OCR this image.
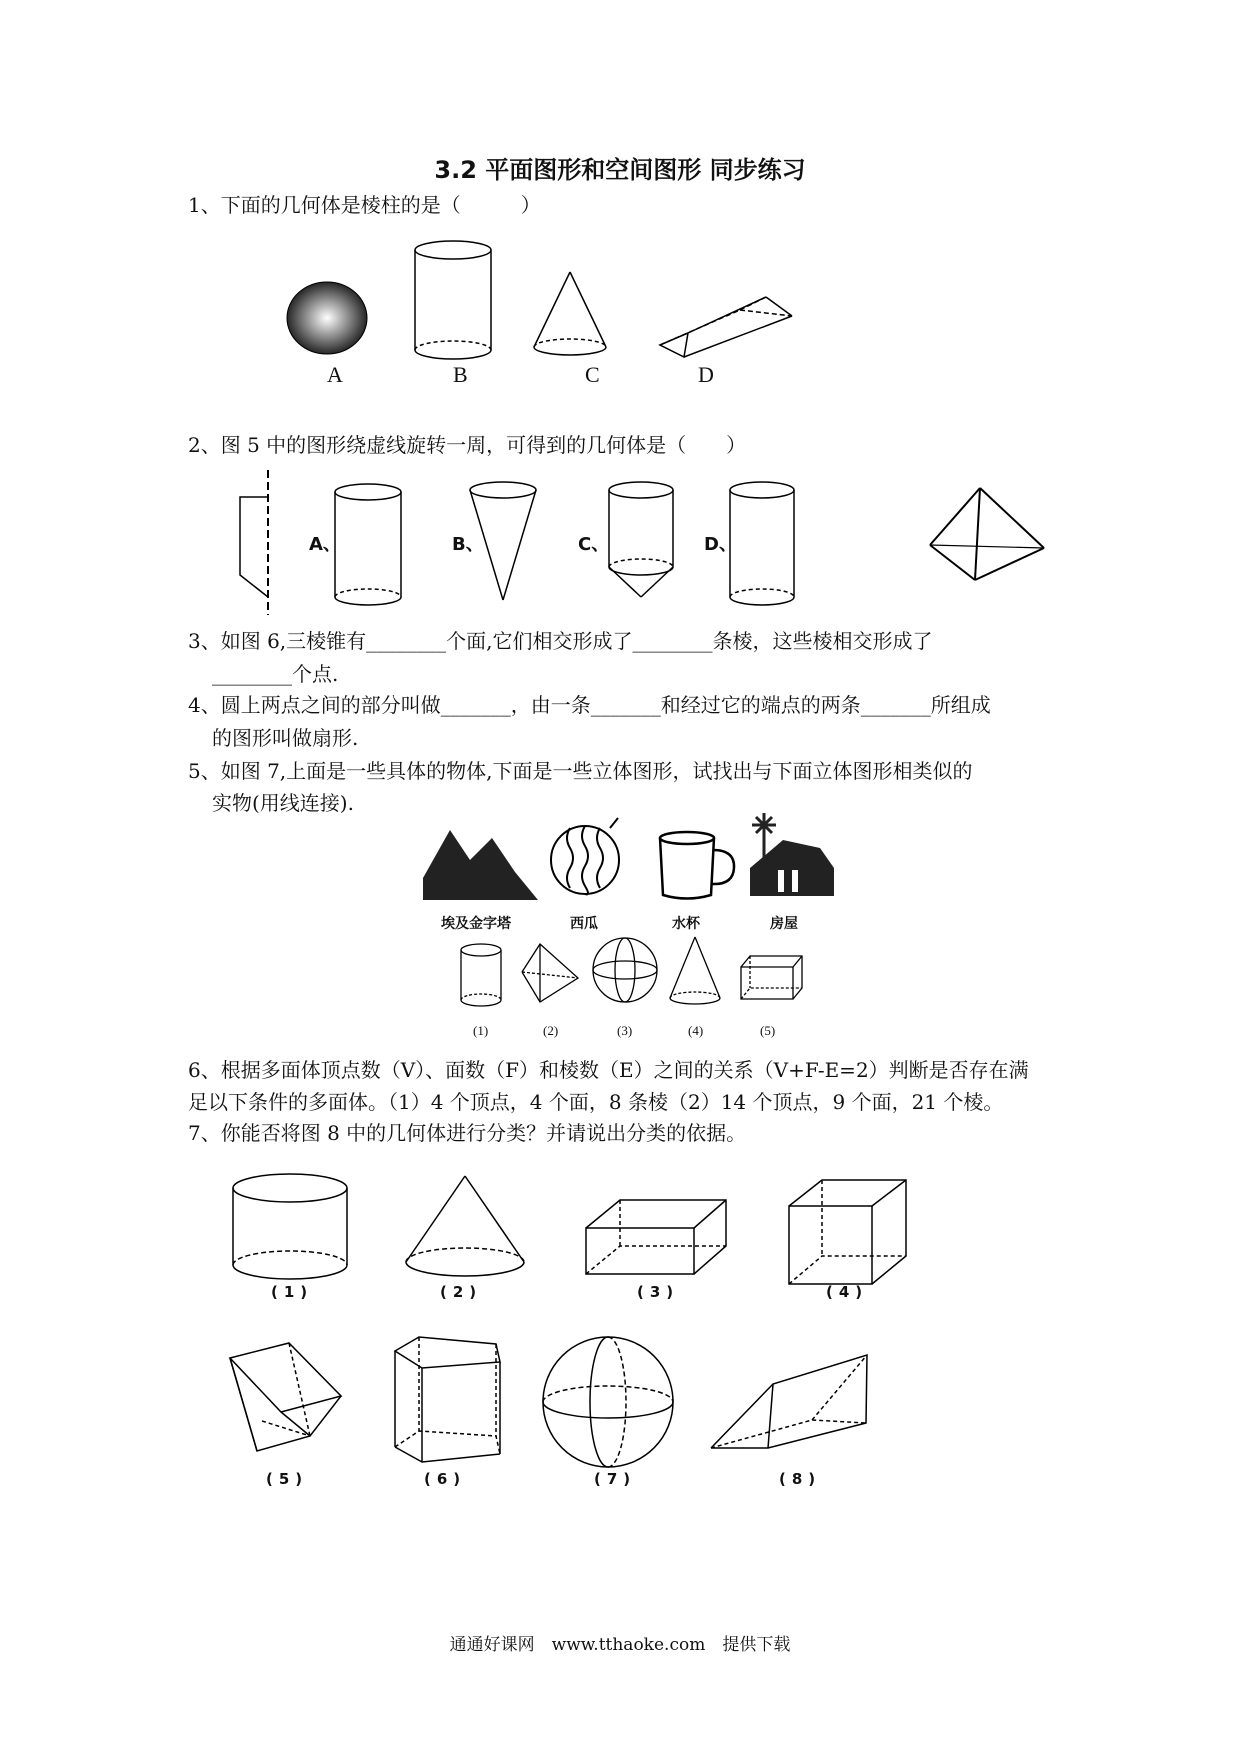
3.2 平面图形和空间图形 同步练习
1、下面的几何体是棱柱的是（　　　）
A	B	C	D
2、图 5 中的图形绕虚线旋转一周，可得到的几何体是（　　）
A、	B、	C、	D、
3、如图 6,三棱锥有________个面,它们相交形成了________条棱，这些棱相交形成了
________个点.
4、圆上两点之间的部分叫做_______，由一条_______和经过它的端点的两条_______所组成
的图形叫做扇形.
5、如图 7,上面是一些具体的物体,下面是一些立体图形，试找出与下面立体图形相类似的
实物(用线连接).
埃及金字塔	西瓜	水杯	房屋
(1)	(2)	(3)	(4)	(5)
6、根据多面体顶点数（V）、面数（F）和棱数（E）之间的关系（V+F-E=2）判断是否存在满
足以下条件的多面体。（1）4 个顶点，4 个面，8 条棱（2）14 个顶点，9 个面，21 个棱。
7、你能否将图 8 中的几何体进行分类？并请说出分类的依据。
(1)	(2)	(3)	(4)
(5)	(6)	(7)	(8)
通通好课网　www.tthaoke.com　提供下载
